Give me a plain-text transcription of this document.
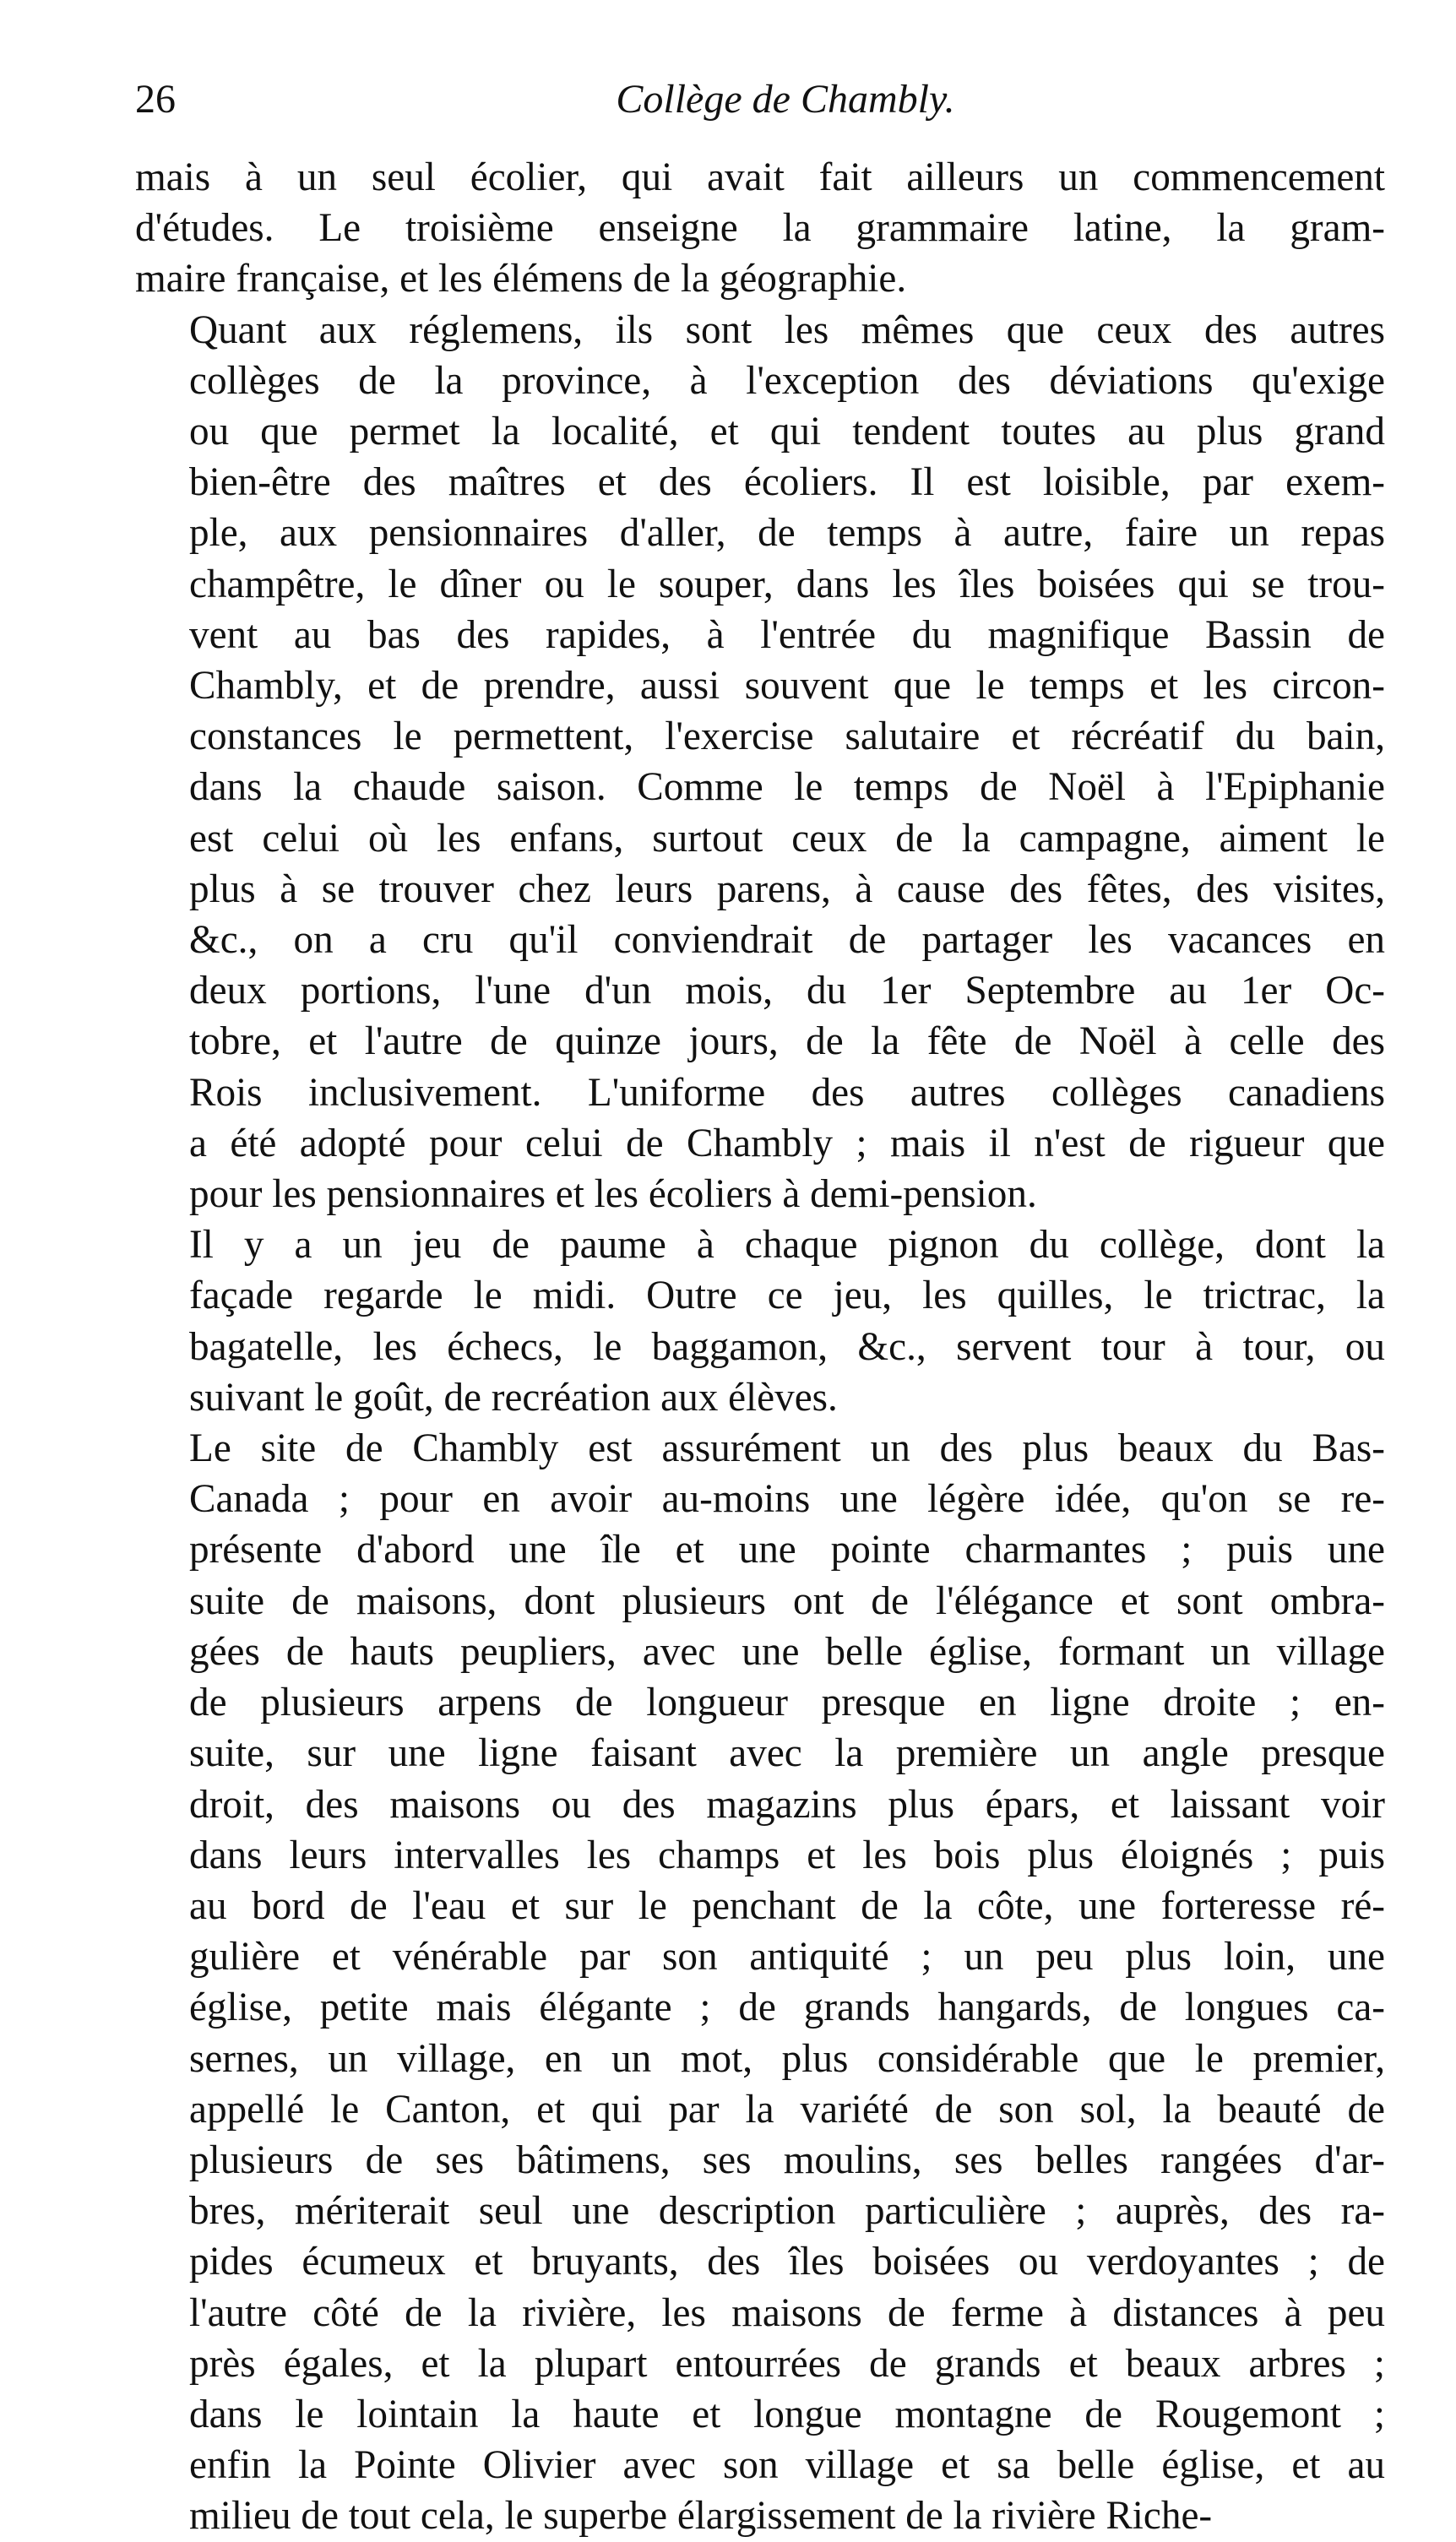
26	Collège de Chambly.

mais à un seul écolier, qui avait fait ailleurs un commencement
d'études. Le troisième enseigne la grammaire latine, la gram-
maire française, et les élémens de la géographie.

Quant aux réglemens, ils sont les mêmes que ceux des autres
collèges de la province, à l'exception des déviations qu'exige
ou que permet la localité, et qui tendent toutes au plus grand
bien-être des maîtres et des écoliers. Il est loisible, par exem-
ple, aux pensionnaires d'aller, de temps à autre, faire un repas
champêtre, le dîner ou le souper, dans les îles boisées qui se trou-
vent au bas des rapides, à l'entrée du magnifique Bassin de
Chambly, et de prendre, aussi souvent que le temps et les circon-
constances le permettent, l'exercise salutaire et récréatif du bain,
dans la chaude saison. Comme le temps de Noël à l'Epiphanie
est celui où les enfans, surtout ceux de la campagne, aiment le
plus à se trouver chez leurs parens, à cause des fêtes, des visites,
&c., on a cru qu'il conviendrait de partager les vacances en
deux portions, l'une d'un mois, du 1er Septembre au 1er Oc-
tobre, et l'autre de quinze jours, de la fête de Noël à celle des
Rois inclusivement. L'uniforme des autres collèges canadiens
a été adopté pour celui de Chambly ; mais il n'est de rigueur que
pour les pensionnaires et les écoliers à demi-pension.

Il y a un jeu de paume à chaque pignon du collège, dont la
façade regarde le midi. Outre ce jeu, les quilles, le trictrac, la
bagatelle, les échecs, le baggamon, &c., servent tour à tour, ou
suivant le goût, de recréation aux élèves.

Le site de Chambly est assurément un des plus beaux du Bas-
Canada ; pour en avoir au-moins une légère idée, qu'on se re-
présente d'abord une île et une pointe charmantes ; puis une
suite de maisons, dont plusieurs ont de l'élégance et sont ombra-
gées de hauts peupliers, avec une belle église, formant un village
de plusieurs arpens de longueur presque en ligne droite ; en-
suite, sur une ligne faisant avec la première un angle presque
droit, des maisons ou des magazins plus épars, et laissant voir
dans leurs intervalles les champs et les bois plus éloignés ; puis
au bord de l'eau et sur le penchant de la côte, une forteresse ré-
gulière et vénérable par son antiquité ; un peu plus loin, une
église, petite mais élégante ; de grands hangards, de longues ca-
sernes, un village, en un mot, plus considérable que le premier,
appellé le Canton, et qui par la variété de son sol, la beauté de
plusieurs de ses bâtimens, ses moulins, ses belles rangées d'ar-
bres, mériterait seul une description particulière ; auprès, des ra-
pides écumeux et bruyants, des îles boisées ou verdoyantes ; de
l'autre côté de la rivière, les maisons de ferme à distances à peu
près égales, et la plupart entourrées de grands et beaux arbres ;
dans le lointain la haute et longue montagne de Rougemont ;
enfin la Pointe Olivier avec son village et sa belle église, et au
milieu de tout cela, le superbe élargissement de la rivière Riche-
